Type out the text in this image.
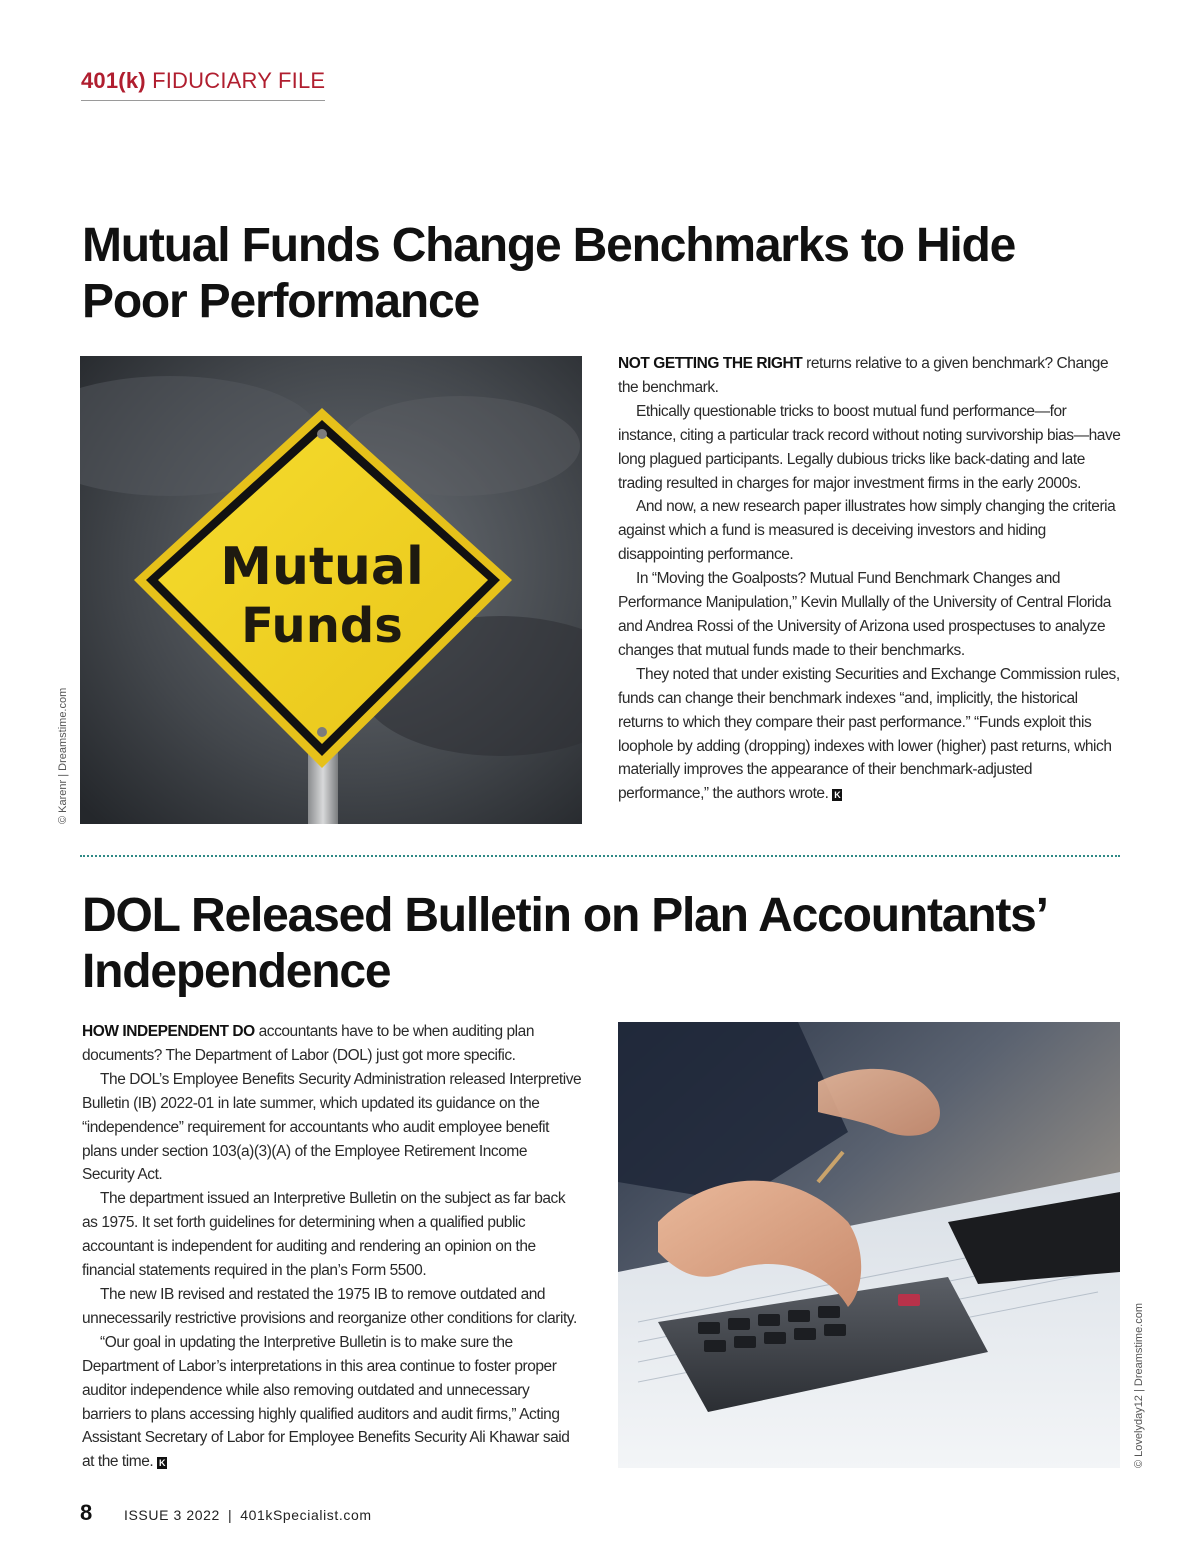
401(k) FIDUCIARY FILE
Mutual Funds Change Benchmarks to Hide Poor Performance
Mutual
Funds
© Karenr | Dreamstime.com

NOT GETTING THE RIGHT returns relative to a given benchmark? Change the benchmark.

Ethically questionable tricks to boost mutual fund performance—for instance, citing a particular track record without noting survivorship bias—have long plagued participants. Legally dubious tricks like back-dating and late trading resulted in charges for major investment firms in the early 2000s.

And now, a new research paper illustrates how simply changing the criteria against which a fund is measured is deceiving investors and hiding disappointing performance.

In “Moving the Goalposts? Mutual Fund Benchmark Changes and Performance Manipulation,” Kevin Mullally of the University of Central Florida and Andrea Rossi of the University of Arizona used prospectuses to analyze changes that mutual funds made to their benchmarks.

They noted that under existing Securities and Exchange Commission rules, funds can change their benchmark indexes “and, implicitly, the historical returns to which they compare their past performance.” “Funds exploit this loophole by adding (dropping) indexes with lower (higher) past returns, which materially improves the appearance of their benchmark-adjusted performance,” the authors wrote. K

DOL Released Bulletin on Plan Accountants’ Independence

HOW INDEPENDENT DO accountants have to be when auditing plan documents? The Department of Labor (DOL) just got more specific.

The DOL’s Employee Benefits Security Administration released Interpretive Bulletin (IB) 2022-01 in late summer, which updated its guidance on the “independence” requirement for accountants who audit employee benefit plans under section 103(a)(3)(A) of the Employee Retirement Income Security Act.

The department issued an Interpretive Bulletin on the subject as far back as 1975. It set forth guidelines for determining when a qualified public accountant is independent for auditing and rendering an opinion on the financial statements required in the plan’s Form 5500.

The new IB revised and restated the 1975 IB to remove outdated and unnecessarily restrictive provisions and reorganize other conditions for clarity.

“Our goal in updating the Interpretive Bulletin is to make sure the Department of Labor’s interpretations in this area continue to foster proper auditor independence while also removing outdated and unnecessary barriers to plans accessing highly qualified auditors and audit firms,” Acting Assistant Secretary of Labor for Employee Benefits Security Ali Khawar said at the time. K	© Lovelyday12 | Dreamstime.com
8 ISSUE 3 2022 | 401kSpecialist.com
